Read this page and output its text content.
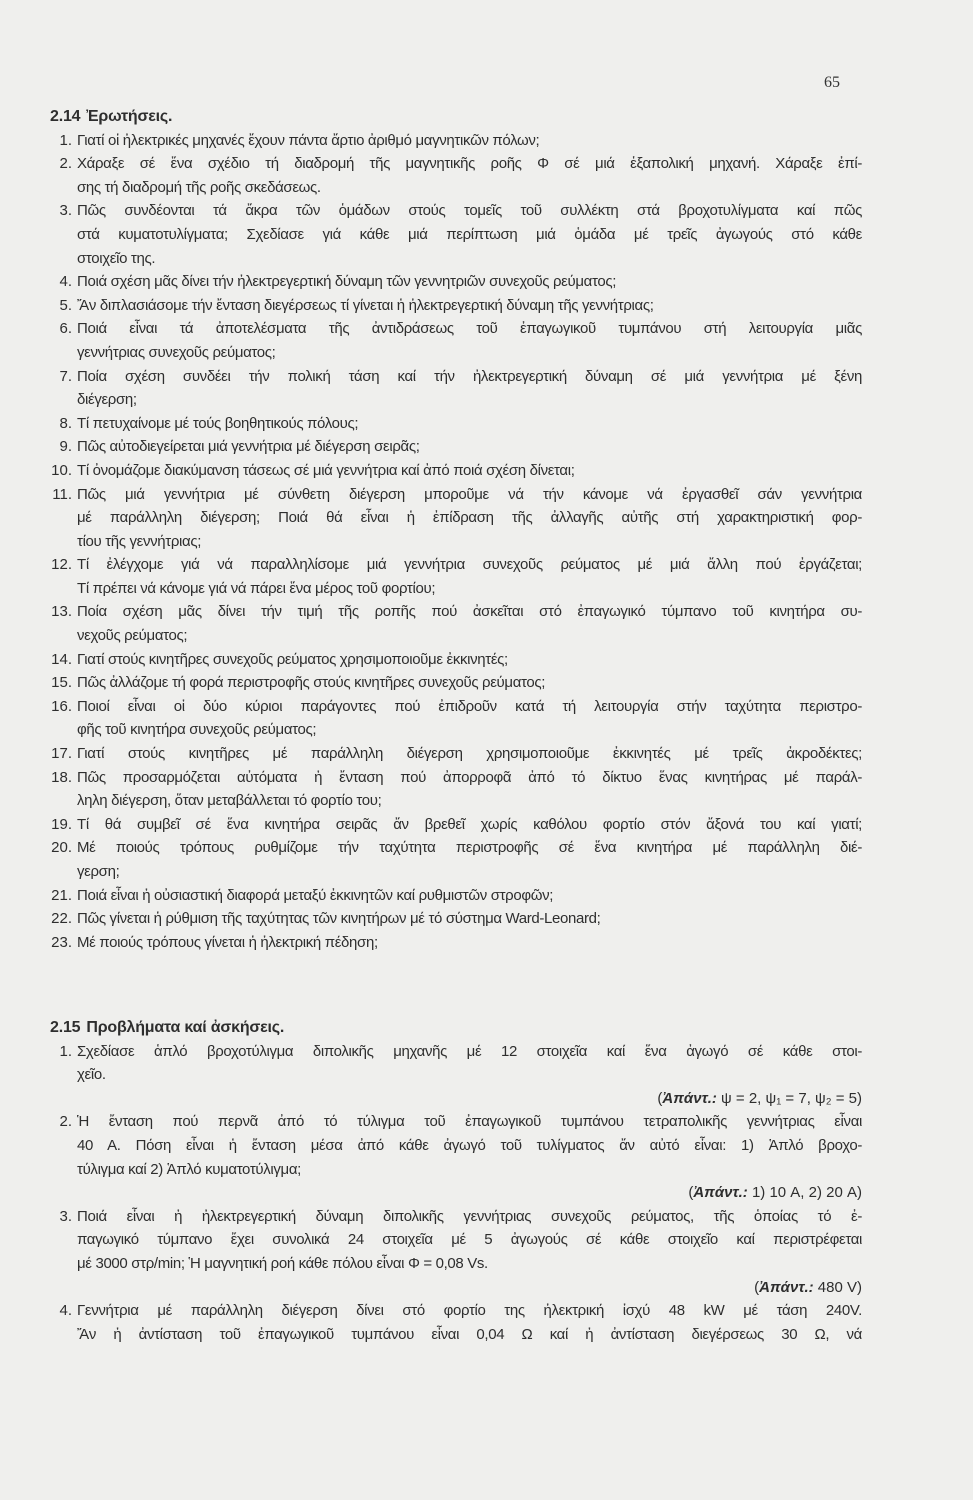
65
2.14 Ἐρωτήσεις.
1. Γιατί οἱ ἠλεκτρικές μηχανές ἔχουν πάντα ἄρτιο ἀριθμό μαγνητικῶν πόλων;
2. Χάραξε σέ ἕνα σχέδιο τή διαδρομή τῆς μαγνητικῆς ροῆς Φ σέ μιά ἑξαπολική μηχανή. Χάραξε ἐπί-
σης τή διαδρομή τῆς ροῆς σκεδάσεως.
3. Πῶς συνδέονται τά ἄκρα τῶν ὁμάδων στούς τομεῖς τοῦ συλλέκτη στά βροχοτυλίγματα καί πῶς
στά κυματοτυλίγματα; Σχεδίασε γιά κάθε μιά περίπτωση μιά ὁμάδα μέ τρεῖς ἀγωγούς στό κάθε
στοιχεῖο της.
4. Ποιά σχέση μᾶς δίνει τήν ἠλεκτρεγερτική δύναμη τῶν γεννητριῶν συνεχοῦς ρεύματος;
5. Ἄν διπλασιάσομε τήν ἔνταση διεγέρσεως τί γίνεται ἡ ἠλεκτρεγερτική δύναμη τῆς γεννήτριας;
6. Ποιά εἶναι τά ἀποτελέσματα τῆς ἀντιδράσεως τοῦ ἐπαγωγικοῦ τυμπάνου στή λειτουργία μιᾶς
γεννήτριας συνεχοῦς ρεύματος;
7. Ποία σχέση συνδέει τήν πολική τάση καί τήν ἠλεκτρεγερτική δύναμη σέ μιά γεννήτρια μέ ξένη
διέγερση;
8. Τί πετυχαίνομε μέ τούς βοηθητικούς πόλους;
9. Πῶς αὐτοδιεγείρεται μιά γεννήτρια μέ διέγερση σειρᾶς;
10. Τί ὀνομάζομε διακύμανση τάσεως σέ μιά γεννήτρια καί ἀπό ποιά σχέση δίνεται;
11. Πῶς μιά γεννήτρια μέ σύνθετη διέγερση μποροῦμε νά τήν κάνομε νά ἐργασθεῖ σάν γεννήτρια
μέ παράλληλη διέγερση; Ποιά θά εἶναι ἡ ἐπίδραση τῆς ἀλλαγῆς αὐτῆς στή χαρακτηριστική φορ-
τίου τῆς γεννήτριας;
12. Τί ἐλέγχομε γιά νά παραλληλίσομε μιά γεννήτρια συνεχοῦς ρεύματος μέ μιά ἄλλη πού ἐργάζεται;
Τί πρέπει νά κάνομε γιά νά πάρει ἕνα μέρος τοῦ φορτίου;
13. Ποία σχέση μᾶς δίνει τήν τιμή τῆς ροπῆς πού ἀσκεῖται στό ἐπαγωγικό τύμπανο τοῦ κινητήρα συ-
νεχοῦς ρεύματος;
14. Γιατί στούς κινητῆρες συνεχοῦς ρεύματος χρησιμοποιοῦμε ἐκκινητές;
15. Πῶς ἀλλάζομε τή φορά περιστροφῆς στούς κινητῆρες συνεχοῦς ρεύματος;
16. Ποιοί εἶναι οἱ δύο κύριοι παράγοντες πού ἐπιδροῦν κατά τή λειτουργία στήν ταχύτητα περιστρο-
φῆς τοῦ κινητήρα συνεχοῦς ρεύματος;
17. Γιατί στούς κινητῆρες μέ παράλληλη διέγερση χρησιμοποιοῦμε ἐκκινητές μέ τρεῖς ἀκροδέκτες;
18. Πῶς προσαρμόζεται αὐτόματα ἡ ἔνταση πού ἀπορροφᾶ ἀπό τό δίκτυο ἕνας κινητήρας μέ παράλ-
ληλη διέγερση, ὅταν μεταβάλλεται τό φορτίο του;
19. Τί θά συμβεῖ σέ ἕνα κινητήρα σειρᾶς ἄν βρεθεῖ χωρίς καθόλου φορτίο στόν ἄξονά του καί γιατί;
20. Μέ ποιούς τρόπους ρυθμίζομε τήν ταχύτητα περιστροφῆς σέ ἕνα κινητήρα μέ παράλληλη διέ-
γερση;
21. Ποιά εἶναι ἡ οὐσιαστική διαφορά μεταξύ ἐκκινητῶν καί ρυθμιστῶν στροφῶν;
22. Πῶς γίνεται ἡ ρύθμιση τῆς ταχύτητας τῶν κινητήρων μέ τό σύστημα Ward-Leonard;
23. Μέ ποιούς τρόπους γίνεται ἡ ἠλεκτρική πέδηση;
2.15 Προβλήματα καί ἀσκήσεις.
1. Σχεδίασε ἁπλό βροχοτύλιγμα διπολικῆς μηχανῆς μέ 12 στοιχεῖα καί ἕνα ἀγωγό σέ κάθε στοι-
χεῖο.
(Ἀπάντ.: ψ = 2, ψ₁ = 7, ψ₂ = 5)
2. Ἡ ἔνταση πού περνᾶ ἀπό τό τύλιγμα τοῦ ἐπαγωγικοῦ τυμπάνου τετραπολικῆς γεννήτριας εἶναι
40 A. Πόση εἶναι ἡ ἔνταση μέσα ἀπό κάθε ἀγωγό τοῦ τυλίγματος ἄν αὐτό εἶναι: 1) Ἁπλό βροχο-
τύλιγμα καί 2) Ἁπλό κυματοτύλιγμα;
(Ἀπάντ.: 1) 10 A, 2) 20 A)
3. Ποιά εἶναι ἡ ἠλεκτρεγερτική δύναμη διπολικῆς γεννήτριας συνεχοῦς ρεύματος, τῆς ὁποίας τό ἐ-
παγωγικό τύμπανο ἔχει συνολικά 24 στοιχεῖα μέ 5 ἀγωγούς σέ κάθε στοιχεῖο καί περιστρέφεται
μέ 3000 στρ/min; Ἡ μαγνητική ροή κάθε πόλου εἶναι Φ = 0,08 Vs.
(Ἀπάντ.: 480 V)
4. Γεννήτρια μέ παράλληλη διέγερση δίνει στό φορτίο της ἠλεκτρική ἰσχύ 48 kW μέ τάση 240V.
Ἄν ἡ ἀντίσταση τοῦ ἐπαγωγικοῦ τυμπάνου εἶναι 0,04 Ω καί ἡ ἀντίσταση διεγέρσεως 30 Ω, νά
